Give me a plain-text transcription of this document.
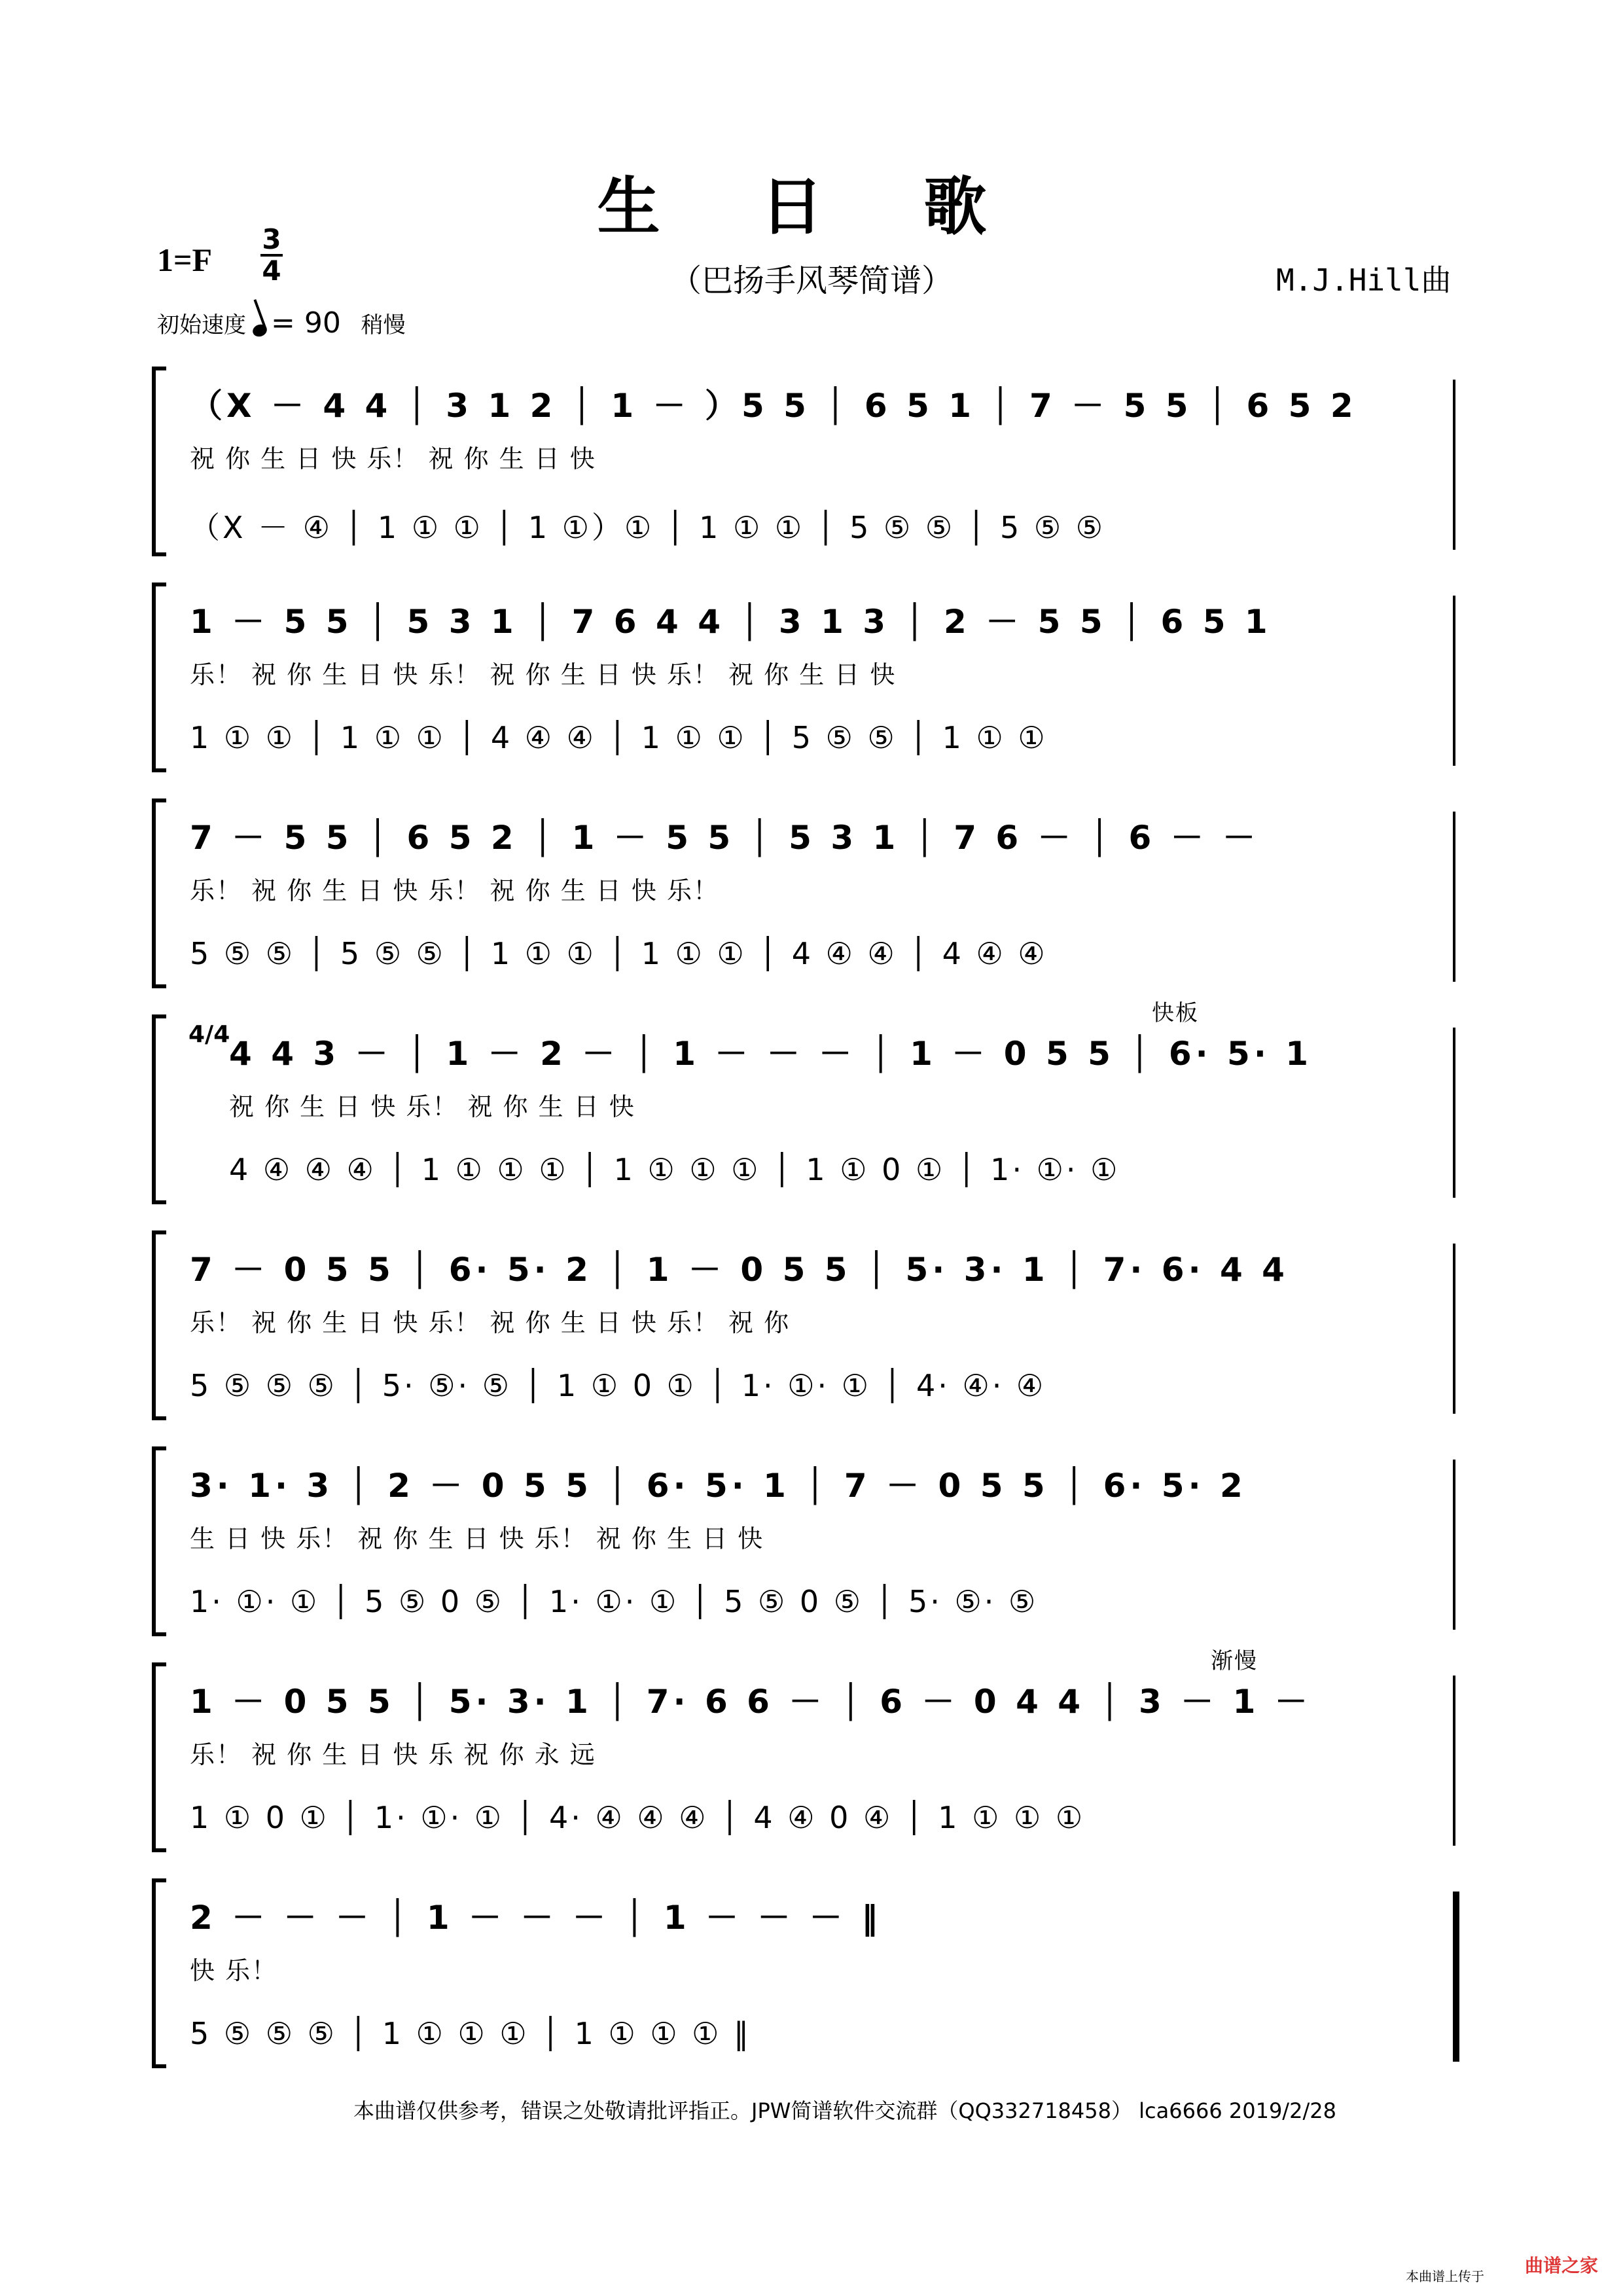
生 日 歌
1=F
3
4	（巴扬手风琴简谱）	M.J.Hill曲
初始速度 = 90 稍慢
（X － 4 4 │ 3 1 2 │ 1 － ）5 5 │ 6 5 1 │ 7 － 5 5 │ 6 5 2
祝 你 生 日 快 乐！ 祝 你 生 日 快
（X － ④ │ 1 ① ① │ 1 ①）① │ 1 ① ① │ 5 ⑤ ⑤ │ 5 ⑤ ⑤
1 － 5 5 │ 5 3 1 │ 7 6 4 4 │ 3 1 3 │ 2 － 5 5 │ 6 5 1
乐！ 祝 你 生 日 快 乐！ 祝 你 生 日 快 乐！ 祝 你 生 日 快
1 ① ① │ 1 ① ① │ 4 ④ ④ │ 1 ① ① │ 5 ⑤ ⑤ │ 1 ① ①
7 － 5 5 │ 6 5 2 │ 1 － 5 5 │ 5 3 1 │ 7 6 － │ 6 － －
乐！ 祝 你 生 日 快 乐！ 祝 你 生 日 快 乐！
5 ⑤ ⑤ │ 5 ⑤ ⑤ │ 1 ① ① │ 1 ① ① │ 4 ④ ④ │ 4 ④ ④
快板
4/4
4 4 3 － │ 1 － 2 － │ 1 － － － │ 1 － 0 5 5 │ 6· 5· 1
祝 你 生 日 快 乐！ 祝 你 生 日 快
4 ④ ④ ④ │ 1 ① ① ① │ 1 ① ① ① │ 1 ① 0 ① │ 1· ①· ①
7 － 0 5 5 │ 6· 5· 2 │ 1 － 0 5 5 │ 5· 3· 1 │ 7· 6· 4 4
乐！ 祝 你 生 日 快 乐！ 祝 你 生 日 快 乐！ 祝 你
5 ⑤ ⑤ ⑤ │ 5· ⑤· ⑤ │ 1 ① 0 ① │ 1· ①· ① │ 4· ④· ④
3· 1· 3 │ 2 － 0 5 5 │ 6· 5· 1 │ 7 － 0 5 5 │ 6· 5· 2
生 日 快 乐！ 祝 你 生 日 快 乐！ 祝 你 生 日 快
1· ①· ① │ 5 ⑤ 0 ⑤ │ 1· ①· ① │ 5 ⑤ 0 ⑤ │ 5· ⑤· ⑤
渐慢
1 － 0 5 5 │ 5· 3· 1 │ 7· 6 6 － │ 6 － 0 4 4 │ 3 － 1 －
乐！ 祝 你 生 日 快 乐 祝 你 永 远
1 ① 0 ① │ 1· ①· ① │ 4· ④ ④ ④ │ 4 ④ 0 ④ │ 1 ① ① ①
2 － － － │ 1 － － － │ 1 － － － ‖
快 乐！
5 ⑤ ⑤ ⑤ │ 1 ① ① ① │ 1 ① ① ① ‖
本曲谱仅供参考，错误之处敬请批评指正。JPW简谱软件交流群（QQ332718458） lca6666 2019/2/28
本曲谱上传于 曲谱之家
